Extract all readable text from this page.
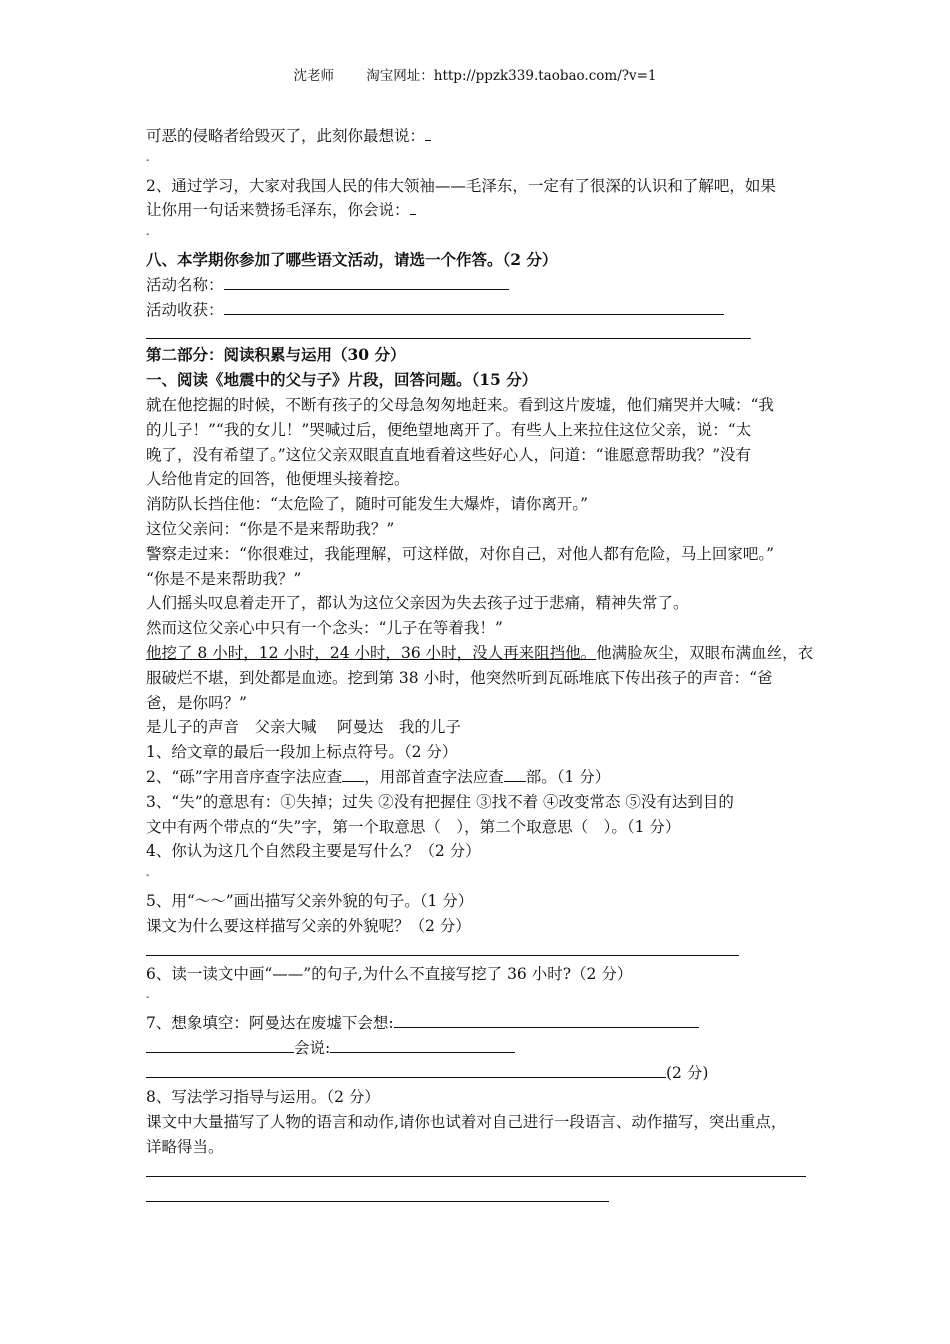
沈老师 淘宝网址：http://ppzk339.taobao.com/?v=1
可恶的侵略者给毁灭了，此刻你最想说：
-
2、通过学习，大家对我国人民的伟大领袖——毛泽东，一定有了很深的认识和了解吧，如果
让你用一句话来赞扬毛泽东，你会说：
-
八、本学期你参加了哪些语文活动，请选一个作答。（2 分）
活动名称：
活动收获：
第二部分：阅读积累与运用（30 分）
一、阅读《地震中的父与子》片段，回答问题。（15 分）
就在他挖掘的时候，不断有孩子的父母急匆匆地赶来。看到这片废墟，他们痛哭并大喊：“我
的儿子！”“我的女儿！”哭喊过后，便绝望地离开了。有些人上来拉住这位父亲，说：“太
晚了，没有希望了。”这位父亲双眼直直地看着这些好心人，问道：“谁愿意帮助我？”没有
人给他肯定的回答，他便埋头接着挖。
消防队长挡住他：“太危险了，随时可能发生大爆炸，请你离开。”
这位父亲问：“你是不是来帮助我？”
警察走过来：“你很难过，我能理解，可这样做，对你自己，对他人都有危险，马上回家吧。”
“你是不是来帮助我？”
人们摇头叹息着走开了，都认为这位父亲因为失去孩子过于悲痛，精神失常了。
然而这位父亲心中只有一个念头：“儿子在等着我！”
他挖了 8 小时，12 小时，24 小时，36 小时，没人再来阻挡他。他满脸灰尘，双眼布满血丝，衣
服破烂不堪，到处都是血迹。挖到第 38 小时，他突然听到瓦砾堆底下传出孩子的声音：“爸
爸，是你吗？”
是儿子的声音　父亲大喊　 阿曼达　我的儿子
1、给文章的最后一段加上标点符号。（2 分）
2、“砾”字用音序查字法应查 ，用部首查字法应查 部。（1 分）
3、“失”的意思有：①失掉；过失 ②没有把握住 ③找不着 ④改变常态 ⑤没有达到目的
文中有两个带点的“失”字，第一个取意思（　），第二个取意思（　）。（1 分）
4、你认为这几个自然段主要是写什么？（2 分）
-
5、用“～～”画出描写父亲外貌的句子。（1 分）
课文为什么要这样描写父亲的外貌呢？（2 分）
6、读一读文中画“——”的句子,为什么不直接写挖了 36 小时?（2 分）
-
7、想象填空：阿曼达在废墟下会想:
会说:
(2 分)
8、写法学习指导与运用。（2 分）
课文中大量描写了人物的语言和动作,请你也试着对自己进行一段语言、动作描写，突出重点，
详略得当。
